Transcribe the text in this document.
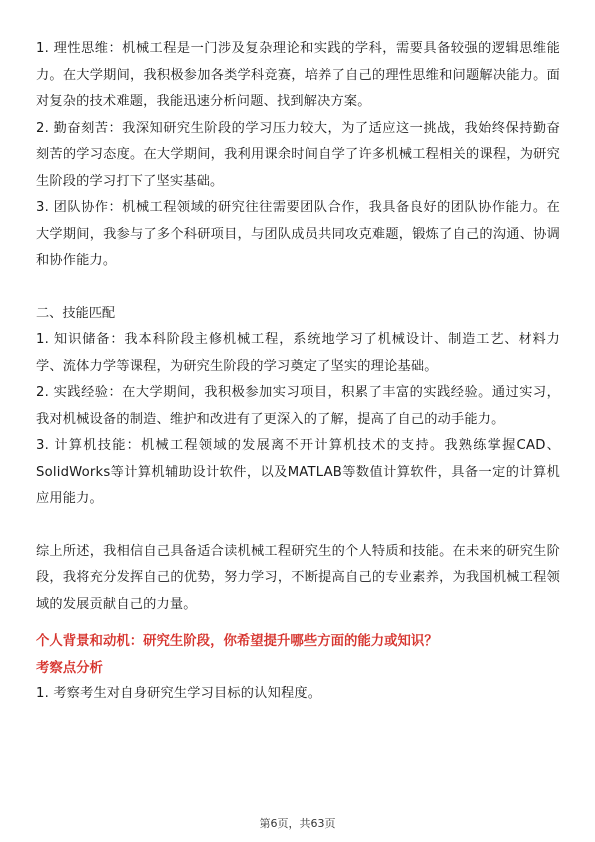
1. 理性思维：机械工程是一门涉及复杂理论和实践的学科，需要具备较强的逻辑思维能力。在大学期间，我积极参加各类学科竞赛，培养了自己的理性思维和问题解决能力。面对复杂的技术难题，我能迅速分析问题、找到解决方案。

2. 勤奋刻苦：我深知研究生阶段的学习压力较大，为了适应这一挑战，我始终保持勤奋刻苦的学习态度。在大学期间，我利用课余时间自学了许多机械工程相关的课程，为研究生阶段的学习打下了坚实基础。

3. 团队协作：机械工程领域的研究往往需要团队合作，我具备良好的团队协作能力。在大学期间，我参与了多个科研项目，与团队成员共同攻克难题，锻炼了自己的沟通、协调和协作能力。

二、技能匹配

1. 知识储备：我本科阶段主修机械工程，系统地学习了机械设计、制造工艺、材料力学、流体力学等课程，为研究生阶段的学习奠定了坚实的理论基础。

2. 实践经验：在大学期间，我积极参加实习项目，积累了丰富的实践经验。通过实习，我对机械设备的制造、维护和改进有了更深入的了解，提高了自己的动手能力。

3. 计算机技能：机械工程领域的发展离不开计算机技术的支持。我熟练掌握CAD、SolidWorks等计算机辅助设计软件，以及MATLAB等数值计算软件，具备一定的计算机应用能力。

综上所述，我相信自己具备适合读机械工程研究生的个人特质和技能。在未来的研究生阶段，我将充分发挥自己的优势，努力学习，不断提高自己的专业素养，为我国机械工程领域的发展贡献自己的力量。

个人背景和动机：研究生阶段，你希望提升哪些方面的能力或知识？

考察点分析

1. 考察考生对自身研究生学习目标的认知程度。

第6页，共63页
